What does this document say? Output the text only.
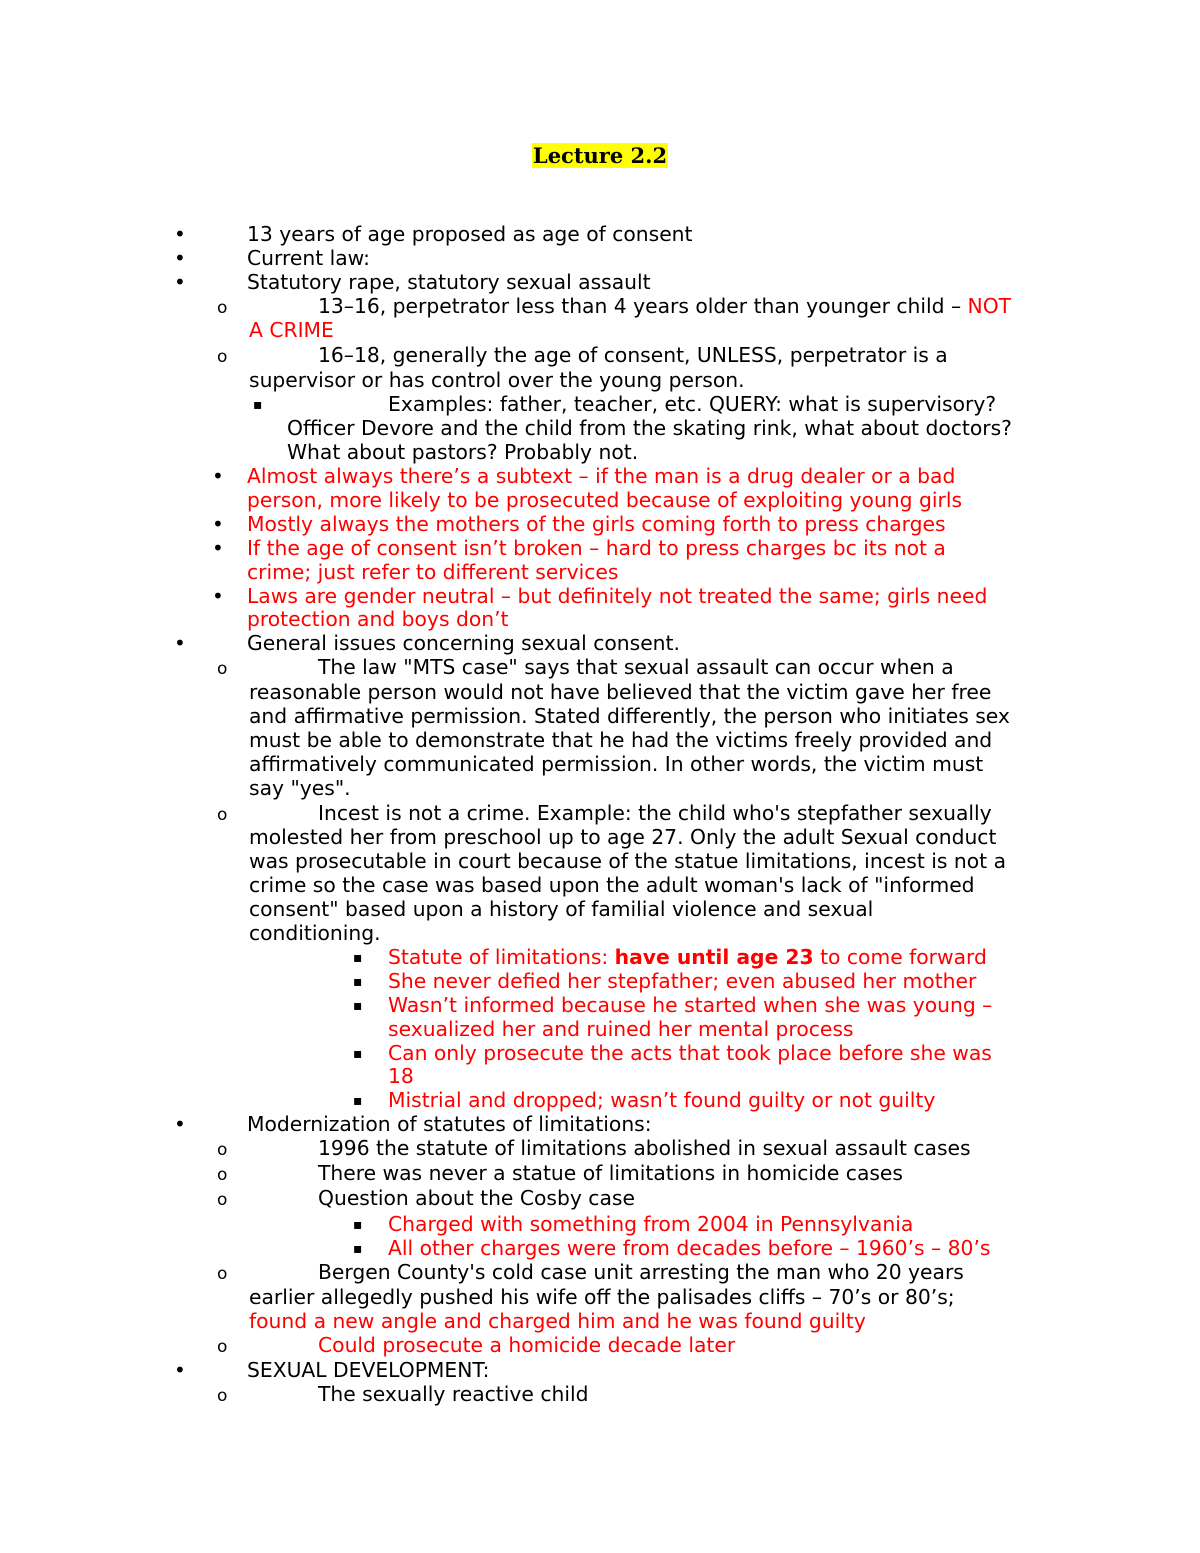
Lecture 2.2
•
13 years of age proposed as age of consent
•
Current law:
•
Statutory rape, statutory sexual assault
o	13–16, perpetrator less than 4 years older than younger child – NOT
A CRIME
o	16–18, generally the age of consent, UNLESS, perpetrator is a
supervisor or has control over the young person.
▪
Examples: father, teacher, etc. QUERY: what is supervisory?
Officer Devore and the child from the skating rink, what about doctors?
What about pastors? Probably not.
•
Almost always there’s a subtext – if the man is a drug dealer or a bad
person, more likely to be prosecuted because of exploiting young girls
•
Mostly always the mothers of the girls coming forth to press charges
•
If the age of consent isn’t broken – hard to press charges bc its not a
crime; just refer to different services
•
Laws are gender neutral – but definitely not treated the same; girls need
protection and boys don’t
•
General issues concerning sexual consent.
o	The law "MTS case" says that sexual assault can occur when a
reasonable person would not have believed that the victim gave her free
and affirmative permission. Stated differently, the person who initiates sex
must be able to demonstrate that he had the victims freely provided and
affirmatively communicated permission. In other words, the victim must
say "yes".
o	Incest is not a crime. Example: the child who's stepfather sexually
molested her from preschool up to age 27. Only the adult Sexual conduct
was prosecutable in court because of the statue limitations, incest is not a
crime so the case was based upon the adult woman's lack of "informed
consent" based upon a history of familial violence and sexual
conditioning.
▪
Statute of limitations: have until age 23 to come forward
▪
She never defied her stepfather; even abused her mother
▪
Wasn’t informed because he started when she was young –
sexualized her and ruined her mental process
▪
Can only prosecute the acts that took place before she was
18
▪
Mistrial and dropped; wasn’t found guilty or not guilty
•
Modernization of statutes of limitations:
o	1996 the statute of limitations abolished in sexual assault cases
o	There was never a statue of limitations in homicide cases
o	Question about the Cosby case
▪
Charged with something from 2004 in Pennsylvania
▪
All other charges were from decades before – 1960’s – 80’s
o	Bergen County's cold case unit arresting the man who 20 years
earlier allegedly pushed his wife off the palisades cliffs – 70’s or 80’s;
found a new angle and charged him and he was found guilty
o	Could prosecute a homicide decade later
•
SEXUAL DEVELOPMENT:
o	The sexually reactive child
